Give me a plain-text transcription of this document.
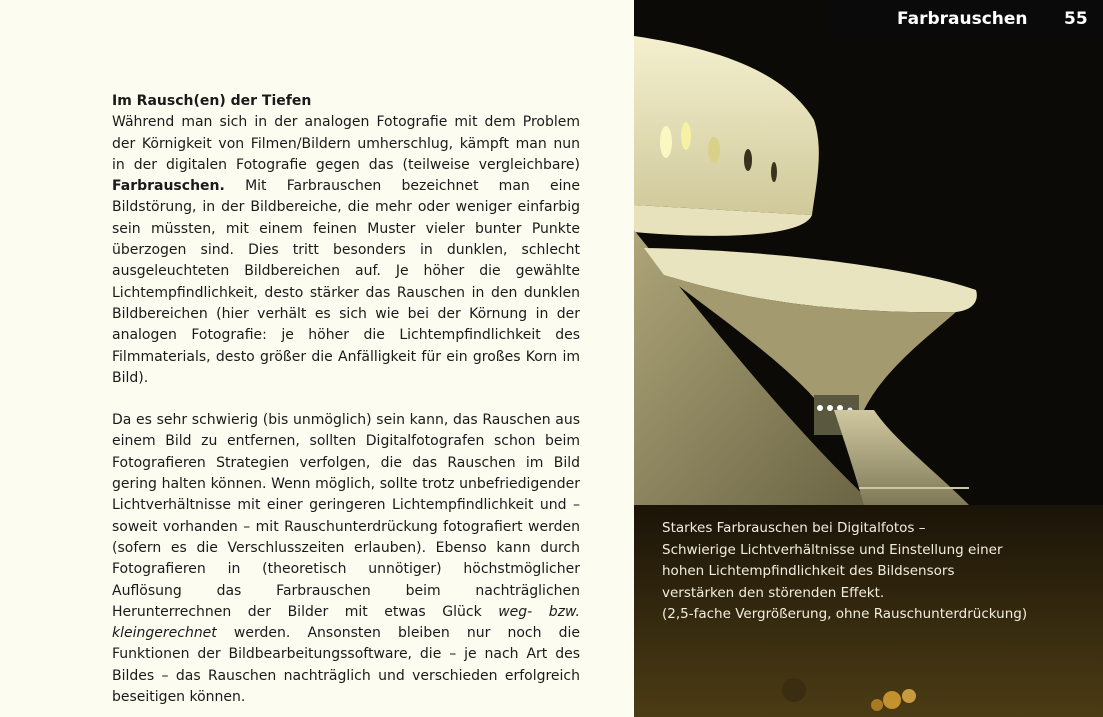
Im Rausch(en) der Tiefen

Während man sich in der analogen Fotografie mit dem Problem der Körnigkeit von Filmen/Bildern umherschlug, kämpft man nun in der digitalen Fotografie gegen das (teilweise vergleichbare) Farbrauschen. Mit Farbrauschen bezeichnet man eine Bildstörung, in der Bildbereiche, die mehr oder weniger einfarbig sein müssten, mit einem feinen Muster vieler bunter Punkte überzogen sind. Dies tritt besonders in dunklen, schlecht ausgeleuchteten Bildbereichen auf. Je höher die gewählte Lichtempfindlichkeit, desto stärker das Rauschen in den dunklen Bildbereichen (hier verhält es sich wie bei der Körnung in der analogen Fotografie: je höher die Lichtempfindlichkeit des Filmmaterials, desto größer die Anfälligkeit für ein großes Korn im Bild).

Da es sehr schwierig (bis unmöglich) sein kann, das Rauschen aus einem Bild zu entfernen, sollten Digitalfotografen schon beim Fotografieren Strategien verfolgen, die das Rauschen im Bild gering halten können. Wenn möglich, sollte trotz unbefriedigender Lichtverhältnisse mit einer geringeren Lichtempfindlichkeit und – soweit vorhanden – mit Rauschunterdrückung fotografiert werden (sofern es die Verschlusszeiten erlauben). Ebenso kann durch Fotografieren in (theoretisch unnötiger) höchstmöglicher Auflösung das Farbrauschen beim nachträglichen Herunterrechnen der Bilder mit etwas Glück weg- bzw. kleingerechnet werden. Ansonsten bleiben nur noch die Funktionen der Bildbearbeitungssoftware, die – je nach Art des Bildes – das Rauschen nachträglich und verschieden erfolgreich beseitigen können.

Farbrauschen 55
Starkes Farbrauschen bei Digitalfotos –
Schwierige Lichtverhältnisse und Einstellung einer
hohen Lichtempfindlichkeit des Bildsensors
verstärken den störenden Effekt.
(2,5-fache Vergrößerung, ohne Rauschunterdrückung)
